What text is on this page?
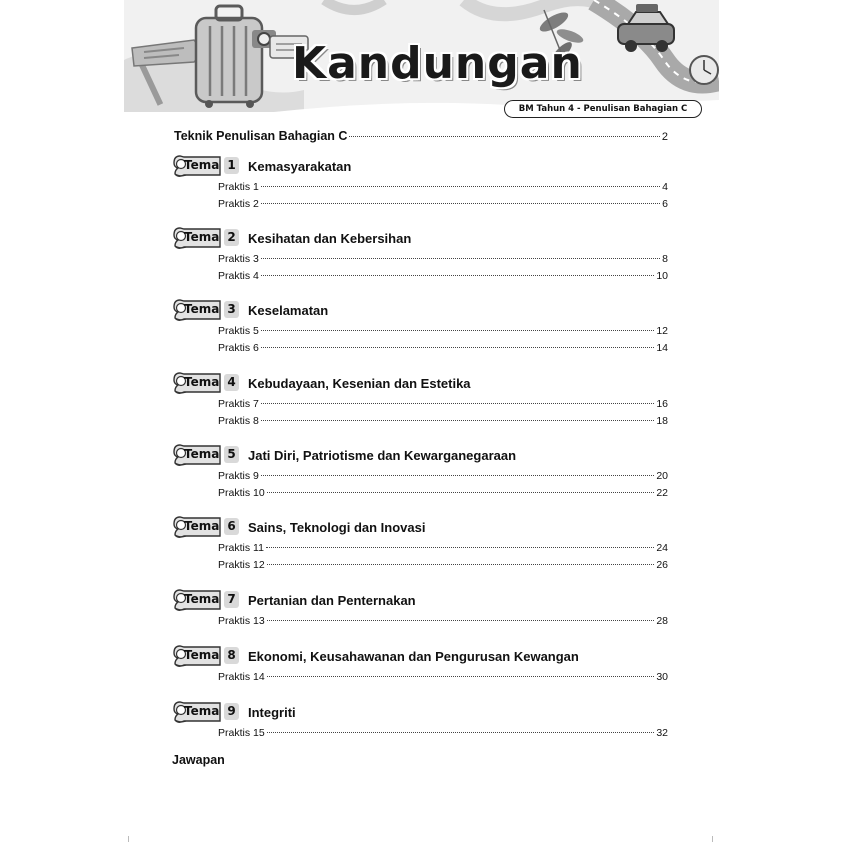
Kandungan
BM Tahun 4 - Penulisan Bahagian C
Teknik Penulisan Bahagian C	2
Tema 1 Kemasyarakatan
Praktis 1	4
Praktis 2	6
Tema 2 Kesihatan dan Kebersihan
Praktis 3	8
Praktis 4	10
Tema 3 Keselamatan
Praktis 5	12
Praktis 6	14
Tema 4 Kebudayaan, Kesenian dan Estetika
Praktis 7	16
Praktis 8	18
Tema 5 Jati Diri, Patriotisme dan Kewarganegaraan
Praktis 9	20
Praktis 10	22
Tema 6 Sains, Teknologi dan Inovasi
Praktis 11	24
Praktis 12	26
Tema 7 Pertanian dan Penternakan
Praktis 13	28
Tema 8 Ekonomi, Keusahawanan dan Pengurusan Kewangan
Praktis 14	30
Tema 9 Integriti
Praktis 15	32
Jawapan
